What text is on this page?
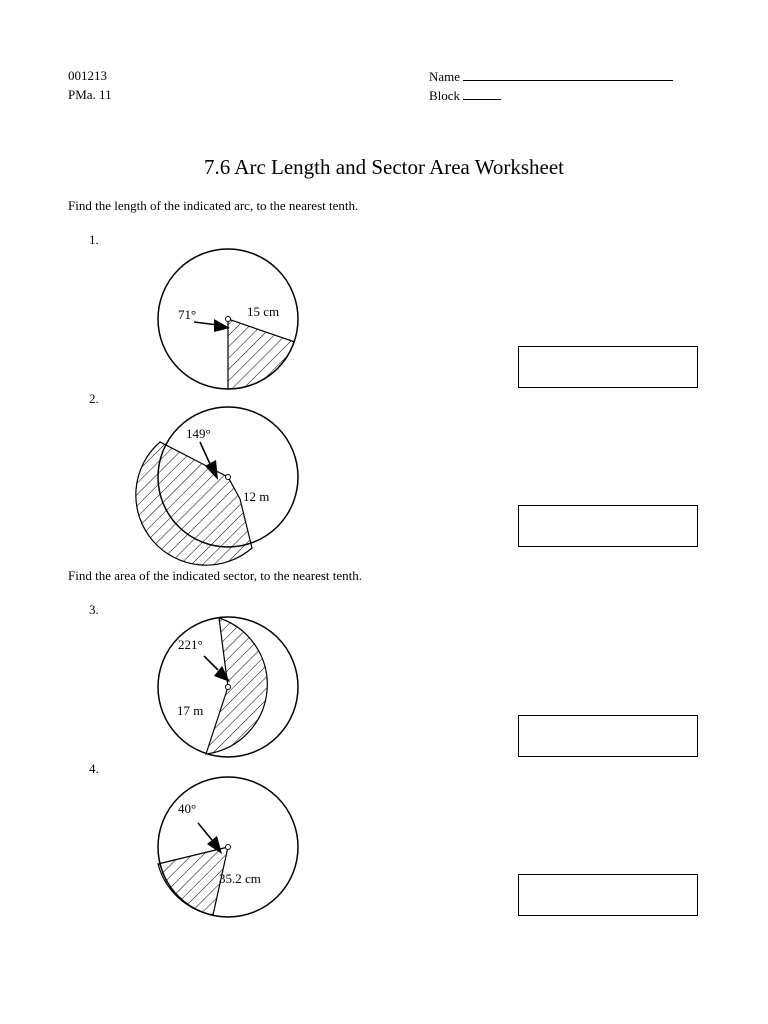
001213
PMa. 11
Name
Block
7.6 Arc Length and Sector Area Worksheet
Find the length of the indicated arc, to the nearest tenth.
1.
71°	15 cm
2.
149°
12 m
Find the area of the indicated sector, to the nearest tenth.
3.
221°
17 m
4.
40°
35.2 cm
